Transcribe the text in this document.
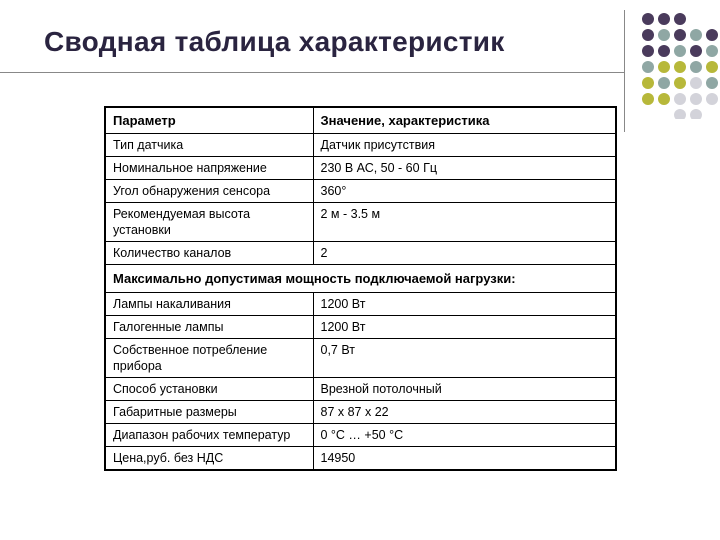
Сводная таблица характеристик
Параметр	Значение, характеристика
Тип датчика	Датчик присутствия
Номинальное напряжение	230 В АС, 50 - 60 Гц
Угол обнаружения сенсора	360°
Рекомендуемая высота установки	2 м - 3.5 м
Количество каналов	2
Максимально допустимая мощность подключаемой нагрузки:	
Лампы накаливания	1200 Вт
Галогенные лампы	1200 Вт
Собственное потребление прибора	0,7 Вт
Способ установки	Врезной потолочный
Габаритные размеры	87 х 87 х 22
Диапазон рабочих температур	0 °С … +50 °С
Цена,руб. без НДС	14950
